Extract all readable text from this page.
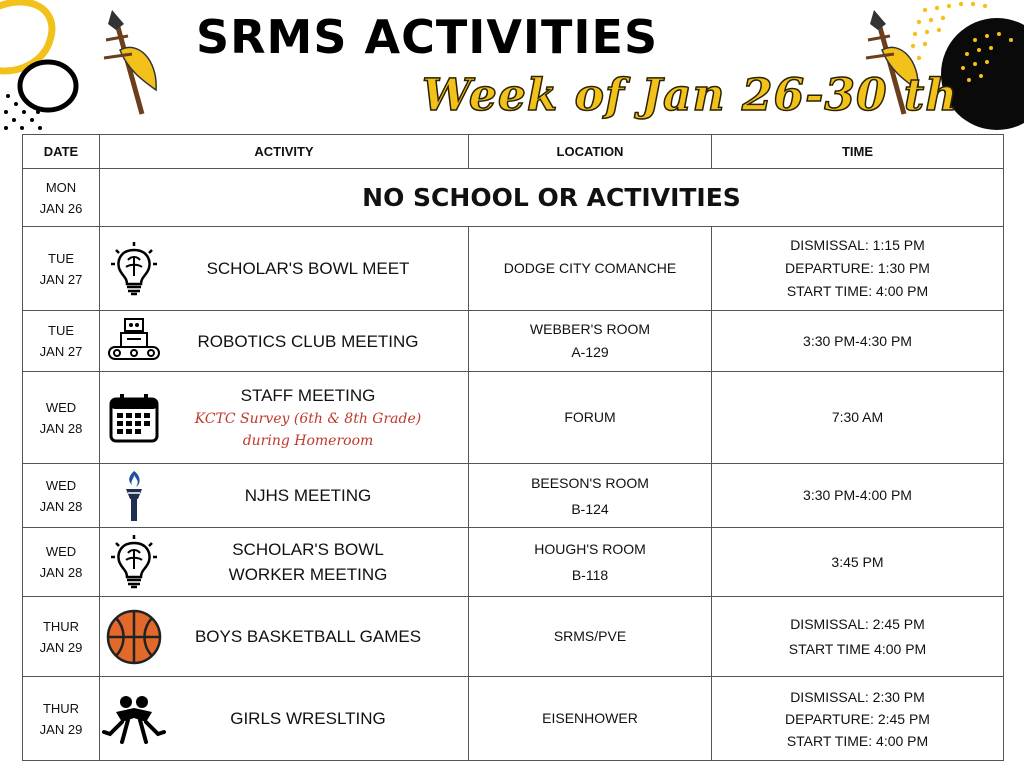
SRMS ACTIVITIES
Week of Jan 26-30 th
DATE	ACTIVITY	LOCATION	TIME

MON
JAN 26	NO SCHOOL OR ACTIVITIES		

TUE
JAN 27	SCHOLAR'S BOWL MEET	DODGE CITY COMANCHE	DISMISSAL: 1:15 PM
DEPARTURE: 1:30 PM
START TIME: 4:00 PM

TUE
JAN 27	ROBOTICS CLUB MEETING	WEBBER'S ROOM
A-129	3:30 PM-4:30 PM

WED
JAN 28	STAFF MEETING
KCTC Survey (6th & 8th Grade)
during Homeroom	FORUM	7:30 AM

WED
JAN 28	NJHS MEETING	BEESON'S ROOM
B-124	3:30 PM-4:00 PM

WED
JAN 28	SCHOLAR'S BOWL
WORKER MEETING	HOUGH'S ROOM
B-118	3:45 PM

THUR
JAN 29	BOYS BASKETBALL GAMES	SRMS/PVE	DISMISSAL: 2:45 PM
START TIME 4:00 PM

THUR
JAN 29	GIRLS WRESLTING	EISENHOWER	DISMISSAL: 2:30 PM
DEPARTURE: 2:45 PM
START TIME: 4:00 PM
